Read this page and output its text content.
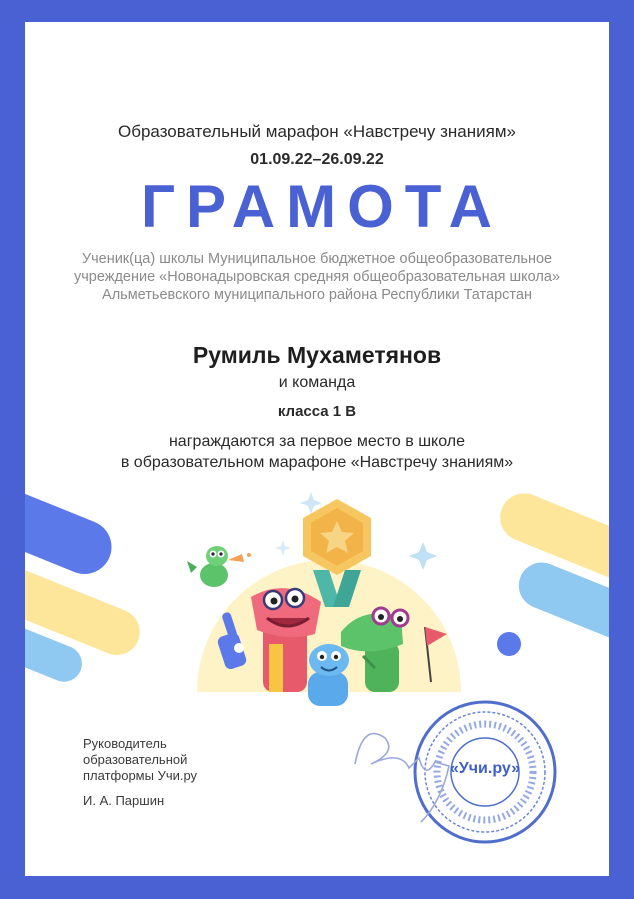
Образовательный марафон «Навстречу знаниям»
01.09.22–26.09.22
ГРАМОТА
Ученик(ца) школы Муниципальное бюджетное общеобразовательное
учреждение «Новонадыровская средняя общеобразовательная школа»
Альметьевского муниципального района Республики Татарстан
Румиль Мухаметянов
и команда
класса 1 В
награждаются за первое место в школе
в образовательном марафоне «Навстречу знаниям»
Руководитель
образовательной
платформы Учи.ру
И. А. Паршин
«Учи.ру»
